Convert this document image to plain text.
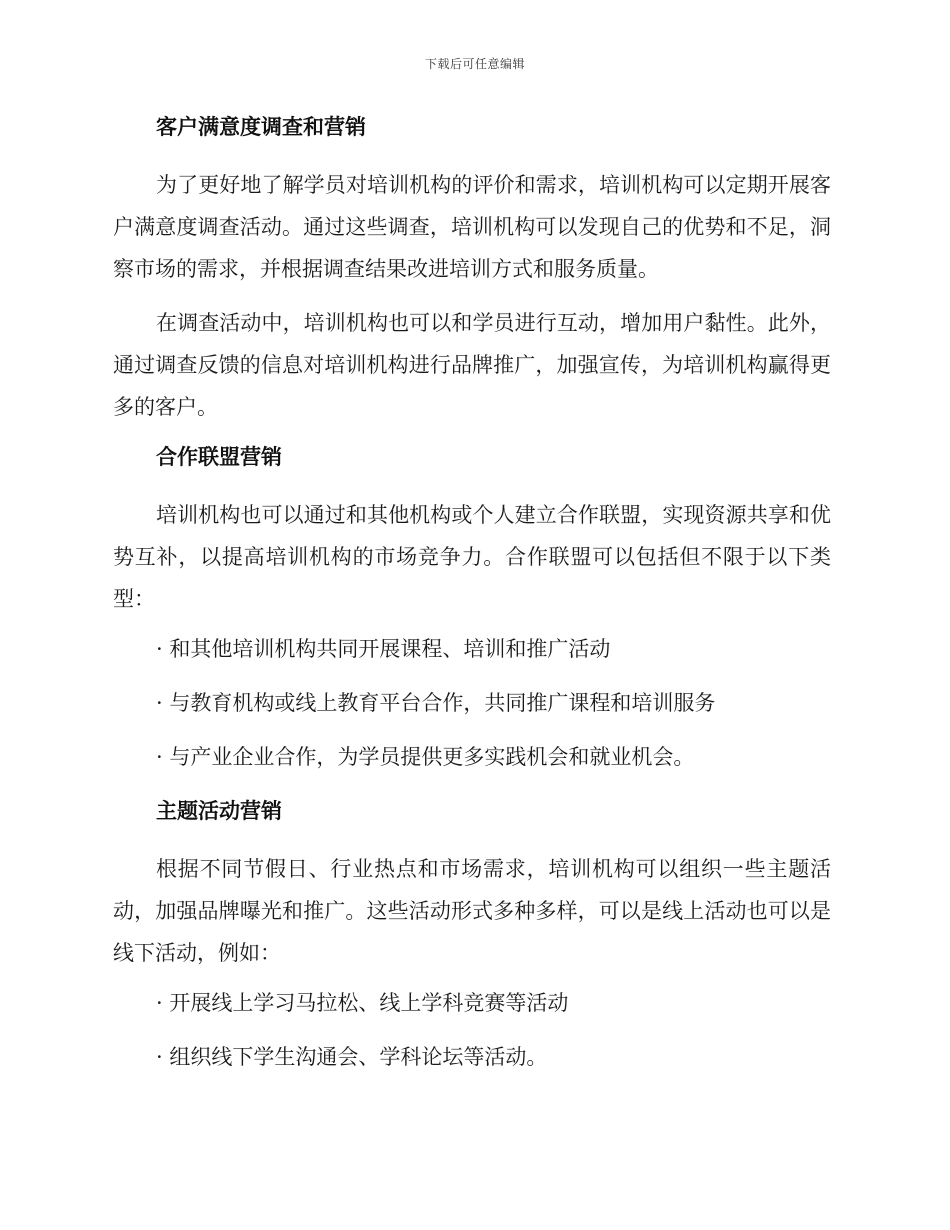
下载后可任意编辑
客户满意度调查和营销

为了更好地了解学员对培训机构的评价和需求，培训机构可以定期开展客户满意度调查活动。通过这些调查，培训机构可以发现自己的优势和不足，洞察市场的需求，并根据调查结果改进培训方式和服务质量。

在调查活动中，培训机构也可以和学员进行互动，增加用户黏性。此外，通过调查反馈的信息对培训机构进行品牌推广，加强宣传，为培训机构赢得更多的客户。

合作联盟营销

培训机构也可以通过和其他机构或个人建立合作联盟，实现资源共享和优势互补，以提高培训机构的市场竞争力。合作联盟可以包括但不限于以下类型：

· 和其他培训机构共同开展课程、培训和推广活动
· 与教育机构或线上教育平台合作，共同推广课程和培训服务
· 与产业企业合作，为学员提供更多实践机会和就业机会。
主题活动营销

根据不同节假日、行业热点和市场需求，培训机构可以组织一些主题活动，加强品牌曝光和推广。这些活动形式多种多样，可以是线上活动也可以是线下活动，例如：

· 开展线上学习马拉松、线上学科竞赛等活动
· 组织线下学生沟通会、学科论坛等活动。
